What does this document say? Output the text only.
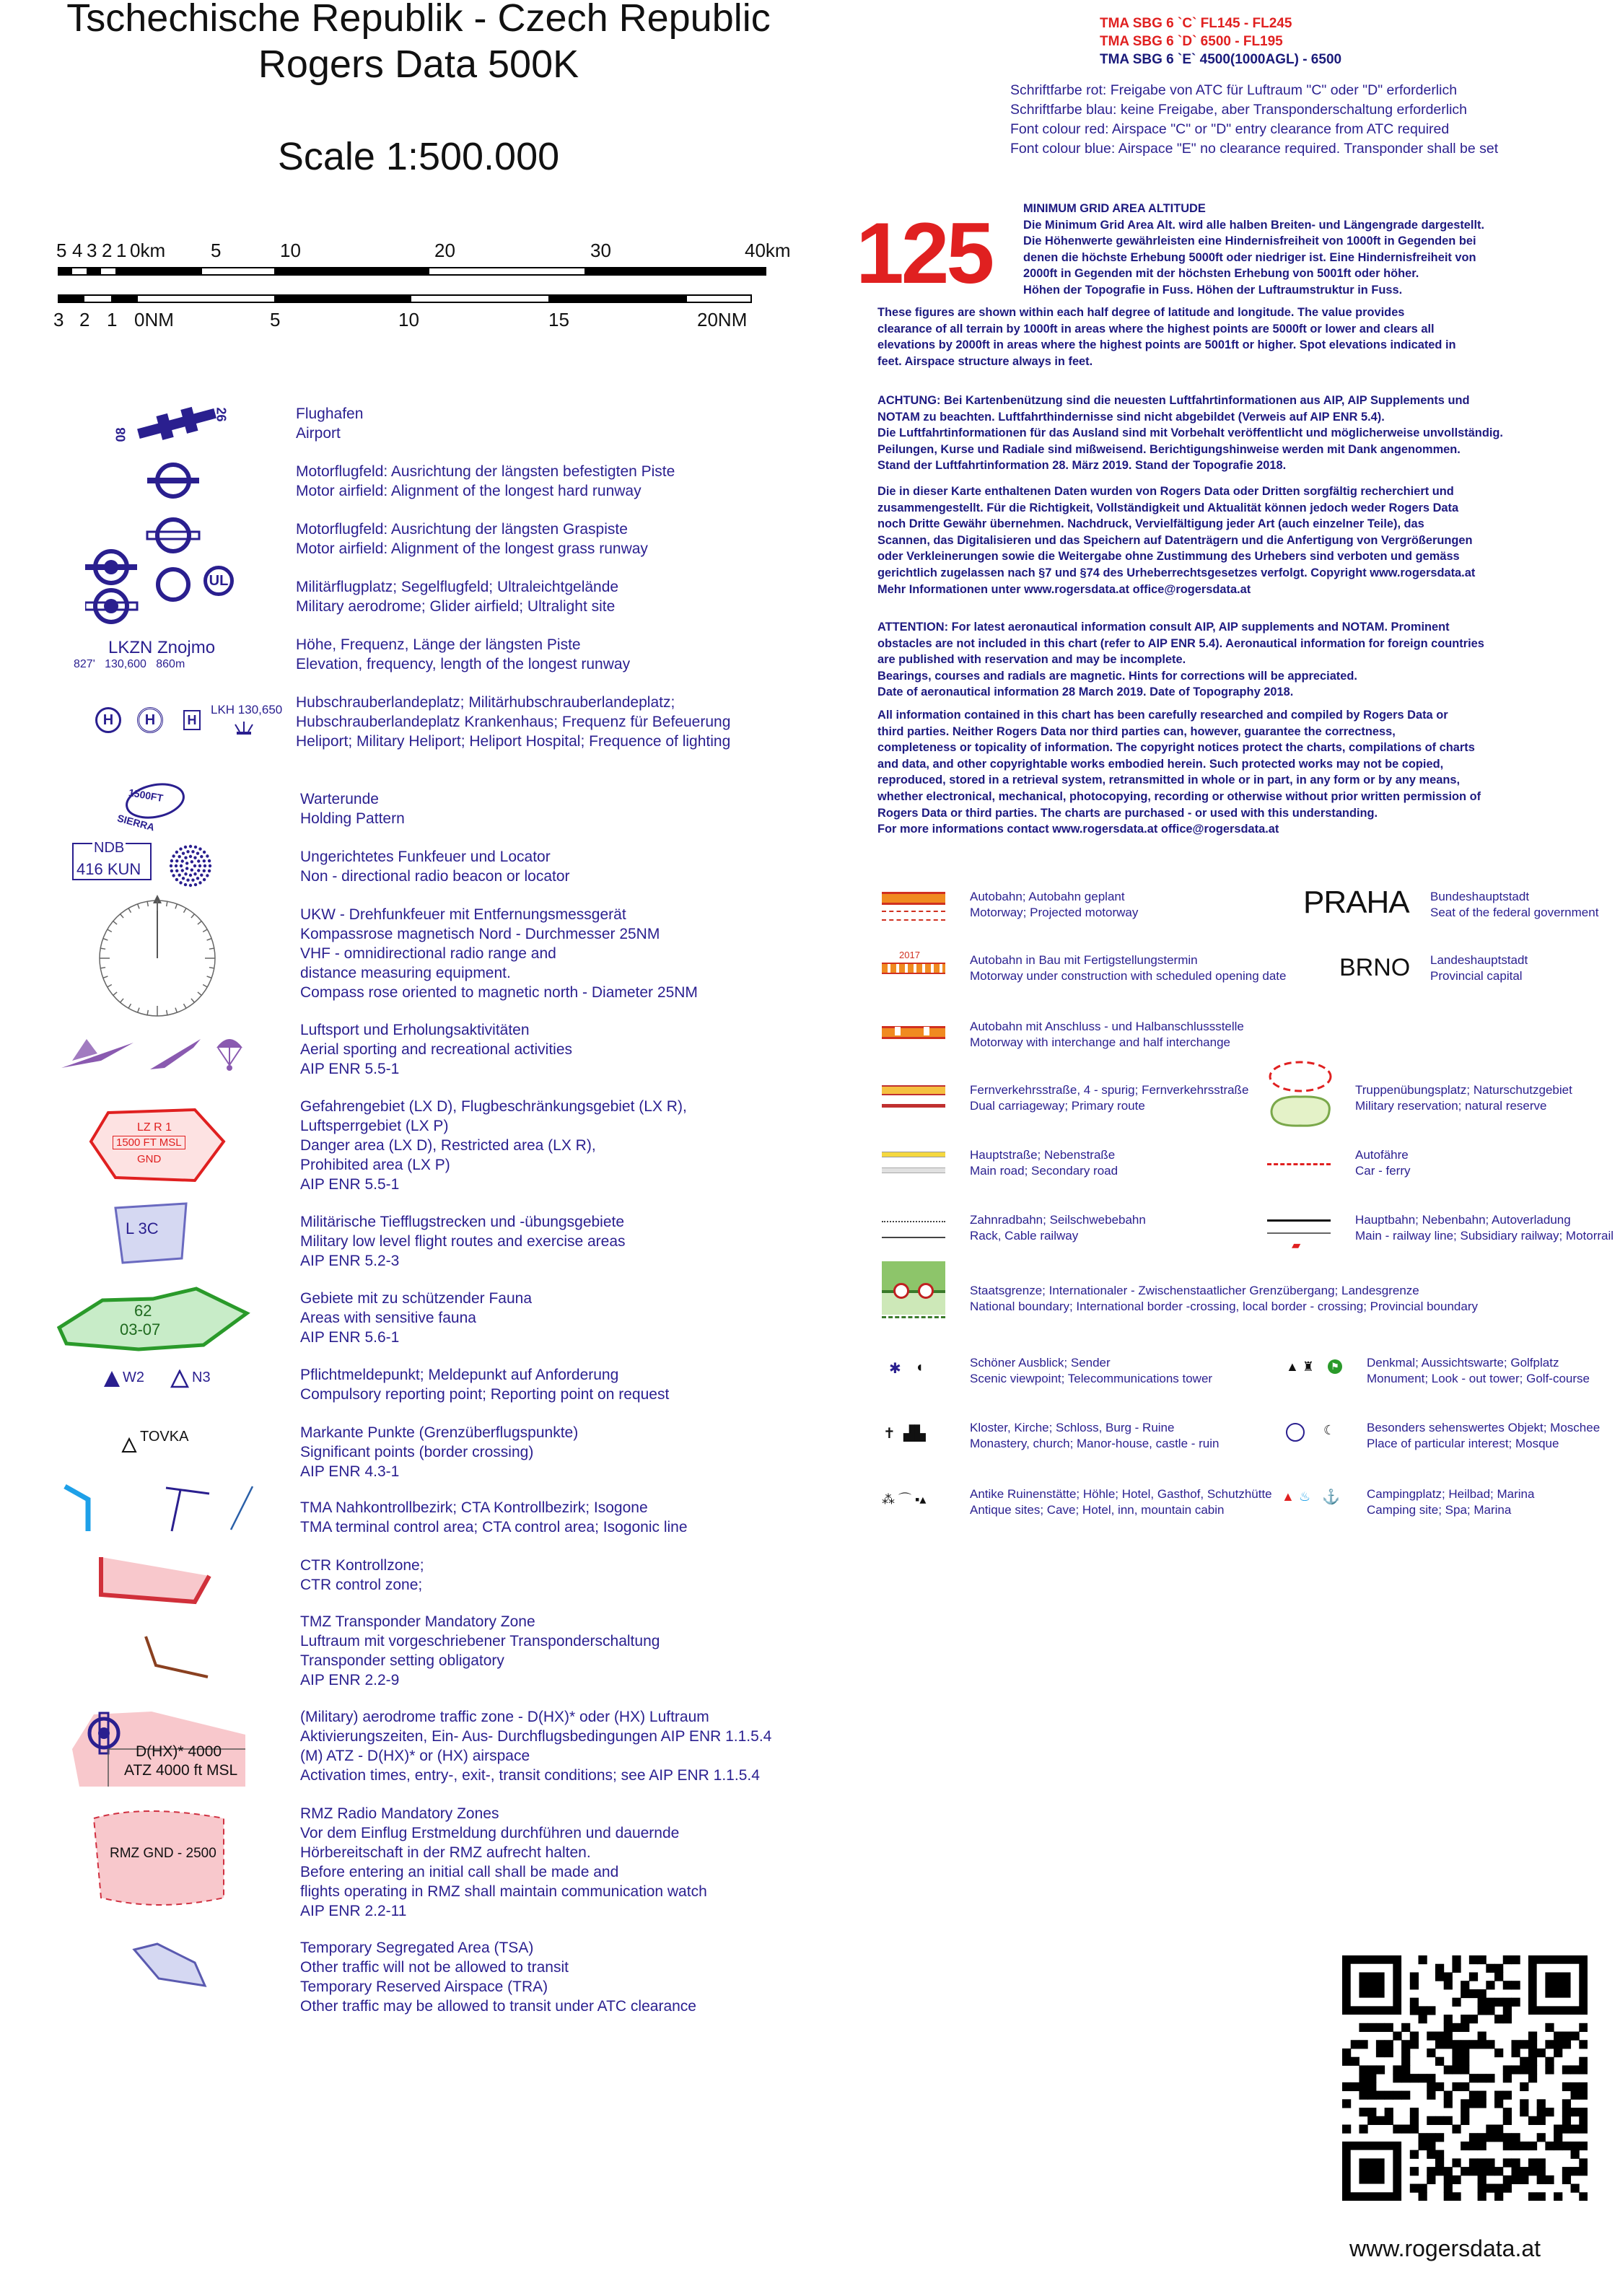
Tschechische Republik - Czech Republic
Rogers Data 500K
Scale 1:500.000
5 4 3 2 1 0km 5	10	20	30	40km
3 2 1 0NM	5	10	15	20NM
TMA SBG 6 `C` FL145 - FL245
TMA SBG 6 `D` 6500 - FL195
TMA SBG 6 `E` 4500(1000AGL) - 6500
Schriftfarbe rot: Freigabe von ATC für Luftraum "C" oder "D" erforderlich
Schriftfarbe blau: keine Freigabe, aber Transponderschaltung erforderlich
Font colour red: Airspace "C" or "D" entry clearance from ATC required
Font colour blue: Airspace "E" no clearance required. Transponder shall be set
125	MINIMUM GRID AREA ALTITUDE
Die Minimum Grid Area Alt. wird alle halben Breiten- und Längengrade dargestellt.
Die Höhenwerte gewährleisten eine Hindernisfreiheit von 1000ft in Gegenden bei
denen die höchste Erhebung 5000ft oder niedriger ist. Eine Hindernisfreiheit von
2000ft in Gegenden mit der höchsten Erhebung von 5001ft oder höher.
Höhen der Topografie in Fuss. Höhen der Luftraumstruktur in Fuss.
These figures are shown within each half degree of latitude and longitude. The value provides
clearance of all terrain by 1000ft in areas where the highest points are 5000ft or lower and clears all
elevations by 2000ft in areas where the highest points are 5001ft or higher. Spot elevations indicated in
feet. Airspace structure always in feet.
ACHTUNG: Bei Kartenbenützung sind die neuesten Luftfahrtinformationen aus AIP, AIP Supplements und
NOTAM zu beachten. Luftfahrthindernisse sind nicht abgebildet (Verweis auf AIP ENR 5.4).
Die Luftfahrtinformationen für das Ausland sind mit Vorbehalt veröffentlicht und möglicherweise unvollständig.
Peilungen, Kurse und Radiale sind mißweisend. Berichtigungshinweise werden mit Dank angenommen.
Stand der Luftfahrtinformation 28. März 2019. Stand der Topografie 2018.
Die in dieser Karte enthaltenen Daten wurden von Rogers Data oder Dritten sorgfältig recherchiert und
zusammengestellt. Für die Richtigkeit, Vollständigkeit und Aktualität können jedoch weder Rogers Data
noch Dritte Gewähr übernehmen. Nachdruck, Vervielfältigung jeder Art (auch einzelner Teile), das
Scannen, das Digitalisieren und das Speichern auf Datenträgern und die Anfertigung von Vergrößerungen
oder Verkleinerungen sowie die Weitergabe ohne Zustimmung des Urhebers sind verboten und gemäss
gerichtlich zugelassen nach §7 und §74 des Urheberrechtsgesetzes verfolgt. Copyright www.rogersdata.at
Mehr Informationen unter www.rogersdata.at office@rogersdata.at
ATTENTION: For latest aeronautical information consult AIP, AIP supplements and NOTAM. Prominent
obstacles are not included in this chart (refer to AIP ENR 5.4). Aeronautical information for foreign countries
are published with reservation and may be incomplete.
Bearings, courses and radials are magnetic. Hints for corrections will be appreciated.
Date of aeronautical information 28 March 2019. Date of Topography 2018.
All information contained in this chart has been carefully researched and compiled by Rogers Data or
third parties. Neither Rogers Data nor third parties can, however, guarantee the correctness,
completeness or topicality of information. The copyright notices protect the charts, compilations of charts
and data, and other copyrightable works embodied herein. Such protected works may not be copied,
reproduced, stored in a retrieval system, retransmitted in whole or in part, in any form or by any means,
whether electronical, mechanical, photocopying, recording or otherwise without prior written permission of
Rogers Data or third parties. The charts are purchased - or used with this understanding.
For more informations contact www.rogersdata.at office@rogersdata.at
Flughafen
Airport
Motorflugfeld: Ausrichtung der längsten befestigten Piste
Motor airfield: Alignment of the longest hard runway
Motorflugfeld: Ausrichtung der längsten Graspiste
Motor airfield: Alignment of the longest grass runway
Militärflugplatz; Segelflugfeld; Ultraleichtgelände
Military aerodrome; Glider airfield; Ultralight site
Höhe, Frequenz, Länge der längsten Piste
Elevation, frequency, length of the longest runway
Hubschrauberlandeplatz; Militärhubschrauberlandeplatz;
Hubschrauberlandeplatz Krankenhaus; Frequenz für Befeuerung
Heliport; Military Heliport; Heliport Hospital; Frequence of lighting
Warterunde
Holding Pattern
Ungerichtetes Funkfeuer und Locator
Non - directional radio beacon or locator
UKW - Drehfunkfeuer mit Entfernungsmessgerät
Kompassrose magnetisch Nord - Durchmesser 25NM
VHF - omnidirectional radio range and
distance measuring equipment.
Compass rose oriented to magnetic north - Diameter 25NM
Luftsport und Erholungsaktivitäten
Aerial sporting and recreational activities
AIP ENR 5.5-1
Gefahrengebiet (LX D), Flugbeschränkungsgebiet (LX R),
Luftsperrgebiet (LX P)
Danger area (LX D), Restricted area (LX R),
Prohibited area (LX P)
AIP ENR 5.5-1
Militärische Tiefflugstrecken und -übungsgebiete
Military low level flight routes and exercise areas
AIP ENR 5.2-3
Gebiete mit zu schützender Fauna
Areas with sensitive fauna
AIP ENR 5.6-1
Pflichtmeldepunkt; Meldepunkt auf Anforderung
Compulsory reporting point; Reporting point on request
Markante Punkte (Grenzüberflugspunkte)
Significant points (border crossing)
AIP ENR 4.3-1
TMA Nahkontrollbezirk; CTA Kontrollbezirk; Isogone
TMA terminal control area; CTA control area; Isogonic line
CTR Kontrollzone;
CTR control zone;
TMZ Transponder Mandatory Zone
Luftraum mit vorgeschriebener Transponderschaltung
Transponder setting obligatory
AIP ENR 2.2-9
(Military) aerodrome traffic zone - D(HX)* oder (HX) Luftraum
Aktivierungszeiten, Ein- Aus- Durchflugsbedingungen AIP ENR 1.1.5.4
(M) ATZ - D(HX)* or (HX) airspace
Activation times, entry-, exit-, transit conditions; see AIP ENR 1.1.5.4
RMZ Radio Mandatory Zones
Vor dem Einflug Erstmeldung durchführen und dauernde
Hörbereitschaft in der RMZ aufrecht halten.
Before entering an initial call shall be made and
flights operating in RMZ shall maintain communication watch
AIP ENR 2.2-11
Temporary Segregated Area (TSA)
Other traffic will not be allowed to transit
Temporary Reserved Airspace (TRA)
Other traffic may be allowed to transit under ATC clearance
08
26
UL
LKZN Znojmo
827'   130,600   860m
H	H	H
LKH 130,650
1500FT
SIERRA
NDB
416 KUN
LZ R 1
1500 FT MSL
GND
L 3C
62
03-07
W2	N3
TOVKA
D(HX)* 4000
ATZ 4000 ft MSL
RMZ GND - 2500
Autobahn; Autobahn geplant
Motorway; Projected motorway
2017	Autobahn in Bau mit Fertigstellungstermin
Motorway under construction with scheduled opening date
Autobahn mit Anschluss - und Halbanschlussstelle
Motorway with interchange and half interchange
Fernverkehrsstraße, 4 - spurig; Fernverkehrsstraße
Dual carriageway; Primary route
Hauptstraße; Nebenstraße
Main road; Secondary road
Zahnradbahn; Seilschwebebahn
Rack, Cable railway
Staatsgrenze; Internationaler - Zwischenstaatlicher Grenzübergang; Landesgrenze
National boundary; International border -crossing, local border - crossing; Provincial boundary
✱ ◖	Schöner Ausblick; Sender
Scenic viewpoint; Telecommunications tower
✝ ▟▙	Kloster, Kirche; Schloss, Burg - Ruine
Monastery, church; Manor-house, castle - ruin
⁂ ⌒ ▪▴	Antike Ruinenstätte; Höhle; Hotel, Gasthof, Schutzhütte
Antique sites; Cave; Hotel, inn, mountain cabin
PRAHA Bundeshauptstadt
Seat of the federal government
BRNO Landeshauptstadt
Provincial capital
Truppenübungsplatz; Naturschutzgebiet
Military reservation; natural reserve
Autofähre
Car - ferry
▰
Hauptbahn; Nebenbahn; Autoverladung
Main - railway line; Subsidiary railway; Motorrail
▲ ♜	⚑ Denkmal; Aussichtswarte; Golfplatz
Monument; Look - out tower; Golf-course
☾	Besonders sehenswertes Objekt; Moschee
Place of particular interest; Mosque
▲ ♨ ⚓ Campingplatz; Heilbad; Marina
Camping site; Spa; Marina
www.rogersdata.at
